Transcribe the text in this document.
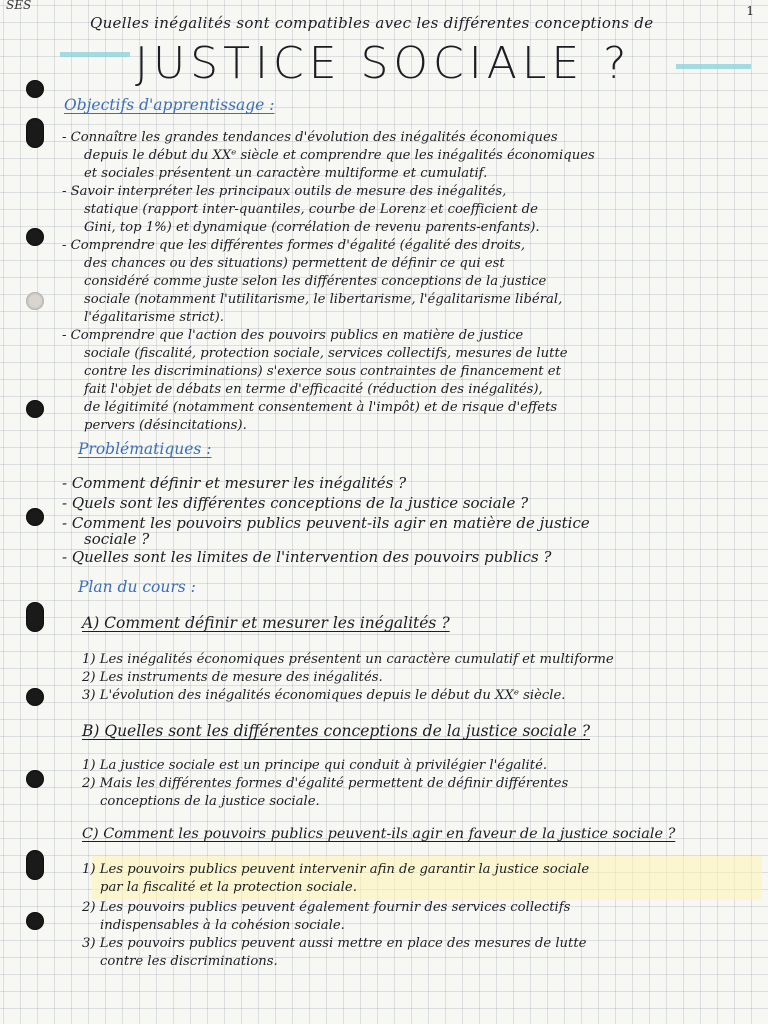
SES	1
Quelles inégalités sont compatibles avec les différentes conceptions de
JUSTICE SOCIALE ?
Objectifs d'apprentissage :
- Connaître les grandes tendances d'évolution des inégalités économiques
depuis le début du XXᵉ siècle et comprendre que les inégalités économiques
et sociales présentent un caractère multiforme et cumulatif.
- Savoir interpréter les principaux outils de mesure des inégalités,
statique (rapport inter-quantiles, courbe de Lorenz et coefficient de
Gini, top 1%) et dynamique (corrélation de revenu parents-enfants).
- Comprendre que les différentes formes d'égalité (égalité des droits,
des chances ou des situations) permettent de définir ce qui est
considéré comme juste selon les différentes conceptions de la justice
sociale (notamment l'utilitarisme, le libertarisme, l'égalitarisme libéral,
l'égalitarisme strict).
- Comprendre que l'action des pouvoirs publics en matière de justice
sociale (fiscalité, protection sociale, services collectifs, mesures de lutte
contre les discriminations) s'exerce sous contraintes de financement et
fait l'objet de débats en terme d'efficacité (réduction des inégalités),
de légitimité (notamment consentement à l'impôt) et de risque d'effets
pervers (désincitations).
Problématiques :
- Comment définir et mesurer les inégalités ?
- Quels sont les différentes conceptions de la justice sociale ?
- Comment les pouvoirs publics peuvent-ils agir en matière de justice
sociale ?
- Quelles sont les limites de l'intervention des pouvoirs publics ?
Plan du cours :
A) Comment définir et mesurer les inégalités ?
1) Les inégalités économiques présentent un caractère cumulatif et multiforme
2) Les instruments de mesure des inégalités.
3) L'évolution des inégalités économiques depuis le début du XXᵉ siècle.
B) Quelles sont les différentes conceptions de la justice sociale ?
1) La justice sociale est un principe qui conduit à privilégier l'égalité.
2) Mais les différentes formes d'égalité permettent de définir différentes
conceptions de la justice sociale.
C) Comment les pouvoirs publics peuvent-ils agir en faveur de la justice sociale ?
1) Les pouvoirs publics peuvent intervenir afin de garantir la justice sociale
par la fiscalité et la protection sociale.
2) Les pouvoirs publics peuvent également fournir des services collectifs
indispensables à la cohésion sociale.
3) Les pouvoirs publics peuvent aussi mettre en place des mesures de lutte
contre les discriminations.
